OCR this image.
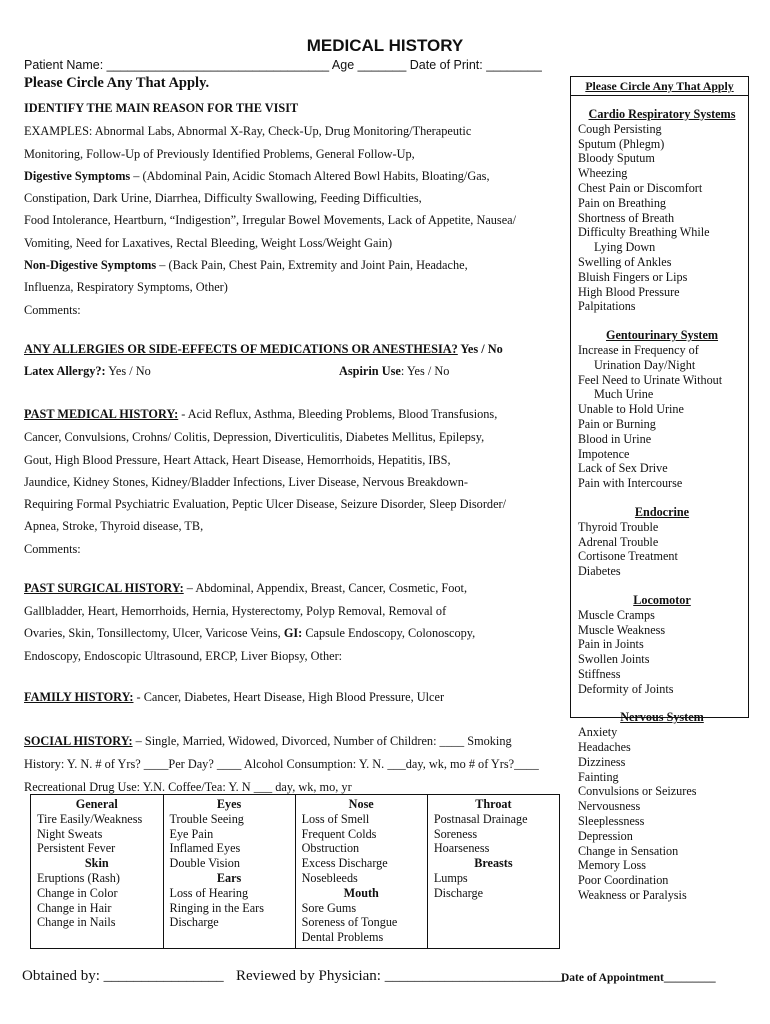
MEDICAL HISTORY
Patient Name: ________________________________ Age _______ Date of Print: ________
Please Circle Any That Apply.
IDENTIFY THE MAIN REASON FOR THE VISIT
EXAMPLES: Abnormal Labs, Abnormal X-Ray, Check-Up, Drug Monitoring/Therapeutic
Monitoring, Follow-Up of Previously Identified Problems, General Follow-Up,
Digestive Symptoms – (Abdominal Pain, Acidic Stomach Altered Bowl Habits, Bloating/Gas,
Constipation, Dark Urine, Diarrhea, Difficulty Swallowing, Feeding Difficulties,
Food Intolerance, Heartburn, “Indigestion”, Irregular Bowel Movements, Lack of Appetite, Nausea/
Vomiting, Need for Laxatives, Rectal Bleeding, Weight Loss/Weight Gain)
Non-Digestive Symptoms – (Back Pain, Chest Pain, Extremity and Joint Pain, Headache,
Influenza, Respiratory Symptoms, Other)
Comments:
ANY ALLERGIES OR SIDE-EFFECTS OF MEDICATIONS OR ANESTHESIA? Yes / No
Latex Allergy?: Yes / No	Aspirin Use: Yes / No
PAST MEDICAL HISTORY: - Acid Reflux, Asthma, Bleeding Problems, Blood Transfusions,
Cancer, Convulsions, Crohns/ Colitis, Depression, Diverticulitis, Diabetes Mellitus, Epilepsy,
Gout, High Blood Pressure, Heart Attack, Heart Disease, Hemorrhoids, Hepatitis, IBS,
Jaundice, Kidney Stones, Kidney/Bladder Infections, Liver Disease, Nervous Breakdown-
Requiring Formal Psychiatric Evaluation, Peptic Ulcer Disease, Seizure Disorder, Sleep Disorder/
Apnea, Stroke, Thyroid disease, TB,
Comments:
PAST SURGICAL HISTORY: – Abdominal, Appendix, Breast, Cancer, Cosmetic, Foot,
Gallbladder, Heart, Hemorrhoids, Hernia, Hysterectomy, Polyp Removal, Removal of
Ovaries, Skin, Tonsillectomy, Ulcer, Varicose Veins, GI: Capsule Endoscopy, Colonoscopy,
Endoscopy, Endoscopic Ultrasound, ERCP, Liver Biopsy, Other:
FAMILY HISTORY: - Cancer, Diabetes, Heart Disease, High Blood Pressure, Ulcer
SOCIAL HISTORY: – Single, Married, Widowed, Divorced, Number of Children: ____ Smoking
History: Y. N. # of Yrs? ____Per Day? ____ Alcohol Consumption: Y. N. ___day, wk, mo # of Yrs?____
Recreational Drug Use: Y.N. Coffee/Tea: Y. N ___ day, wk, mo, yr
Please Circle Any That Apply
Cardio Respiratory Systems
Cough Persisting
Sputum (Phlegm)
Bloody Sputum
Wheezing
Chest Pain or Discomfort
Pain on Breathing
Shortness of Breath
Difficulty Breathing While
Lying Down
Swelling of Ankles
Bluish Fingers or Lips
High Blood Pressure
Palpitations
Gentourinary System
Increase in Frequency of
Urination Day/Night
Feel Need to Urinate Without
Much Urine
Unable to Hold Urine
Pain or Burning
Blood in Urine
Impotence
Lack of Sex Drive
Pain with Intercourse
Endocrine
Thyroid Trouble
Adrenal Trouble
Cortisone Treatment
Diabetes
Locomotor
Muscle Cramps
Muscle Weakness
Pain in Joints
Swollen Joints
Stiffness
Deformity of Joints
Nervous System
Anxiety
Headaches
Dizziness
Fainting
Convulsions or Seizures
Nervousness
Sleeplessness
Depression
Change in Sensation
Memory Loss
Poor Coordination
Weakness or Paralysis
General
Tire Easily/Weakness
Night Sweats
Persistent Fever
Skin
Eruptions (Rash)
Change in Color
Change in Hair
Change in Nails

Eyes
Trouble Seeing
Eye Pain
Inflamed Eyes
Double Vision
Ears
Loss of Hearing
Ringing in the Ears
Discharge

Nose
Loss of Smell
Frequent Colds
Obstruction
Excess Discharge
Nosebleeds
Mouth
Sore Gums
Soreness of Tongue
Dental Problems

Throat
Postnasal Drainage
Soreness
Hoarseness
Breasts
Lumps
Discharge
Obtained by: ________________ Reviewed by Physician: ________________________
Date of Appointment_________
